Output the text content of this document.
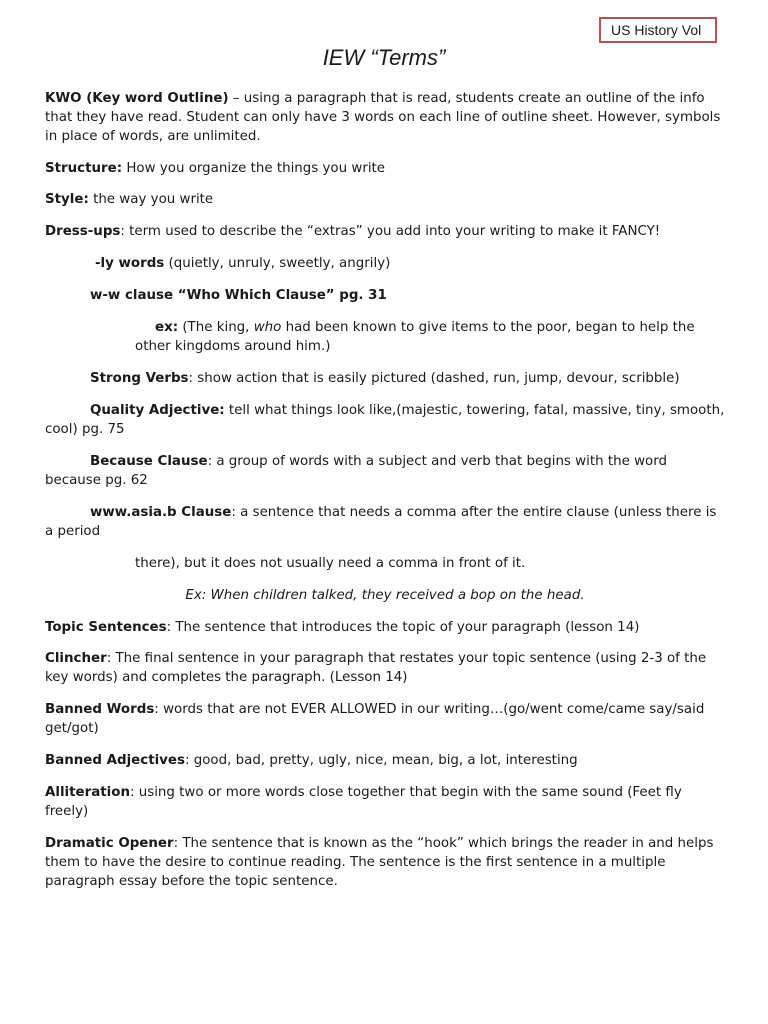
US History Vol
IEW “Terms”

KWO (Key word Outline) – using a paragraph that is read, students create an outline of the info that they have read. Student can only have 3 words on each line of outline sheet. However, symbols in place of words, are unlimited.

Structure: How you organize the things you write

Style: the way you write

Dress-ups: term used to describe the “extras” you add into your writing to make it FANCY!

-ly words (quietly, unruly, sweetly, angrily)

w-w clause “Who Which Clause” pg. 31

ex: (The king, who had been known to give items to the poor, began to help the other kingdoms around him.)

Strong Verbs: show action that is easily pictured (dashed, run, jump, devour, scribble)

Quality Adjective: tell what things look like,(majestic, towering, fatal, massive, tiny, smooth, cool) pg. 75

Because Clause: a group of words with a subject and verb that begins with the word because pg. 62

www.asia.b Clause: a sentence that needs a comma after the entire clause (unless there is a period

there), but it does not usually need a comma in front of it.

Ex: When children talked, they received a bop on the head.

Topic Sentences: The sentence that introduces the topic of your paragraph (lesson 14)

Clincher: The final sentence in your paragraph that restates your topic sentence (using 2-3 of the key words) and completes the paragraph. (Lesson 14)

Banned Words: words that are not EVER ALLOWED in our writing…(go/went come/came say/said get/got)

Banned Adjectives: good, bad, pretty, ugly, nice, mean, big, a lot, interesting

Alliteration: using two or more words close together that begin with the same sound (Feet fly freely)

Dramatic Opener: The sentence that is known as the “hook” which brings the reader in and helps them to have the desire to continue reading. The sentence is the first sentence in a multiple paragraph essay before the topic sentence.
